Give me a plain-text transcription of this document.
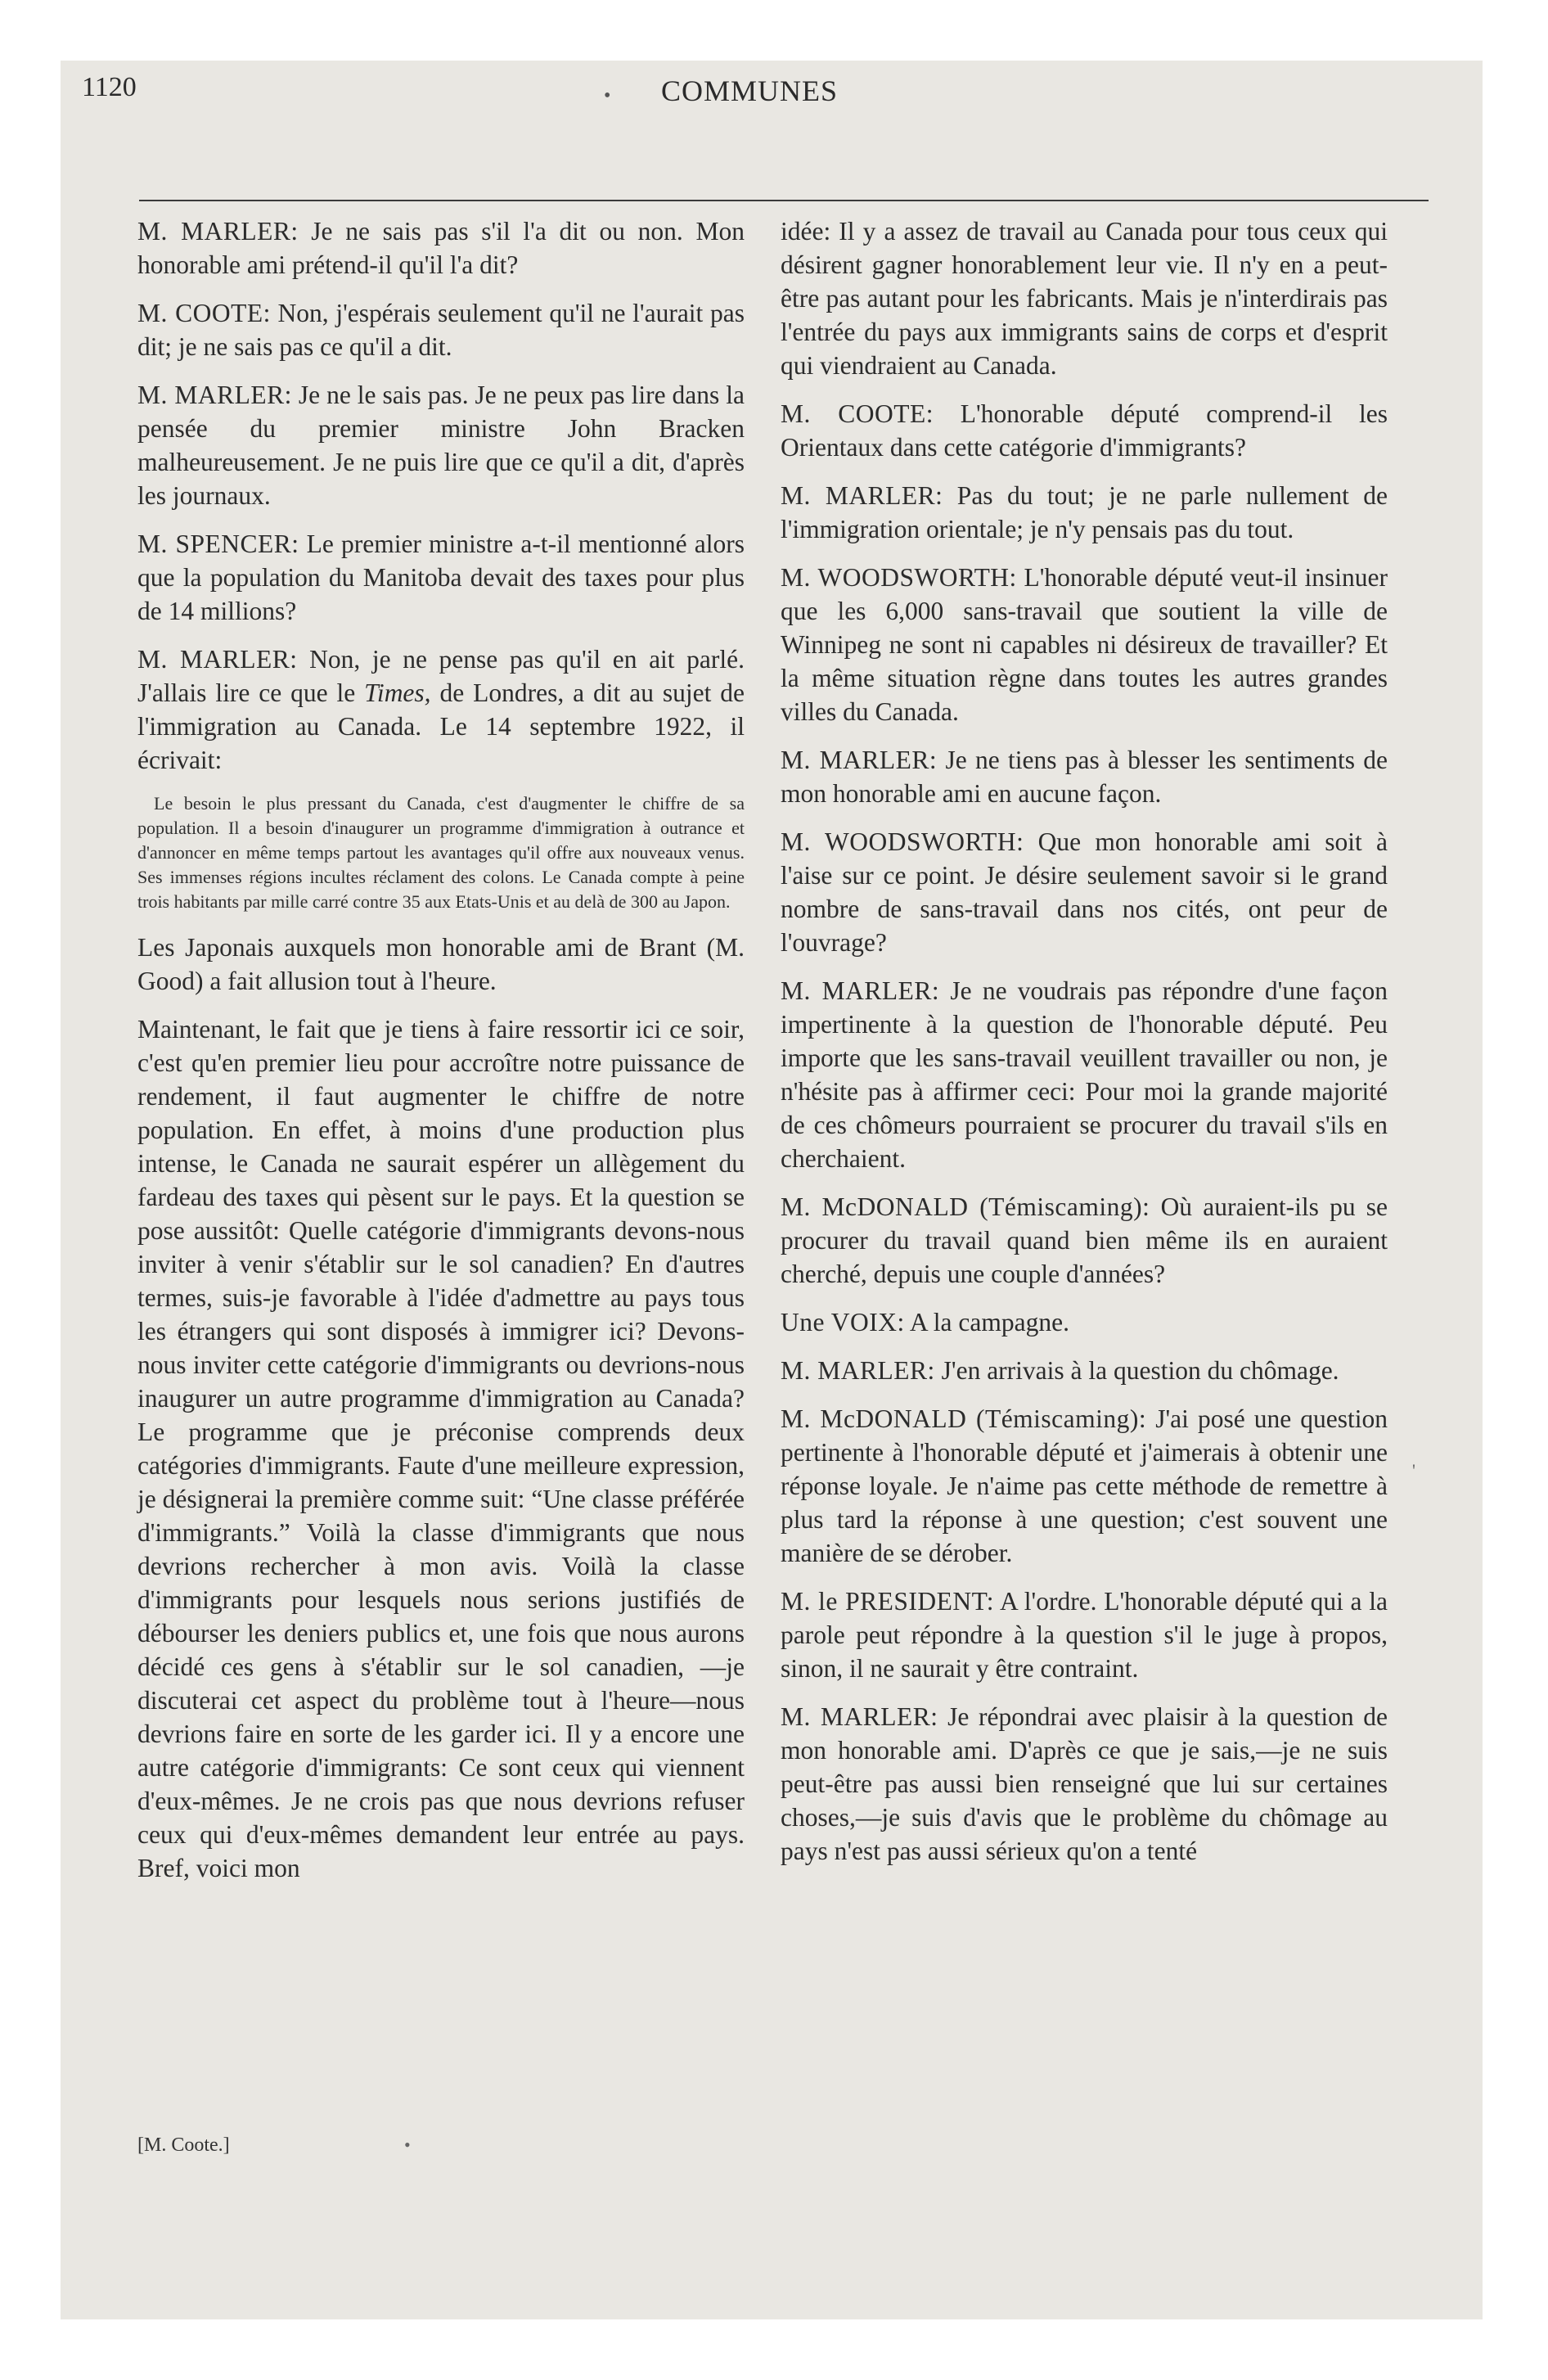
1120	• COMMUNES

M. MARLER: Je ne sais pas s'il l'a dit ou non. Mon honorable ami prétend-il qu'il l'a dit?

M. COOTE: Non, j'espérais seulement qu'il ne l'aurait pas dit; je ne sais pas ce qu'il a dit.

M. MARLER: Je ne le sais pas. Je ne peux pas lire dans la pensée du premier ministre John Bracken malheureusement. Je ne puis lire que ce qu'il a dit, d'après les journaux.

M. SPENCER: Le premier ministre a-t-il mentionné alors que la population du Manitoba devait des taxes pour plus de 14 millions?

M. MARLER: Non, je ne pense pas qu'il en ait parlé. J'allais lire ce que le Times, de Londres, a dit au sujet de l'immigration au Canada. Le 14 septembre 1922, il écrivait:

Le besoin le plus pressant du Canada, c'est d'augmenter le chiffre de sa population. Il a besoin d'inaugurer un programme d'immigration à outrance et d'annoncer en même temps partout les avantages qu'il offre aux nouveaux venus. Ses immenses régions incultes réclament des colons. Le Canada compte à peine trois habitants par mille carré contre 35 aux Etats-Unis et au delà de 300 au Japon.

Les Japonais auxquels mon honorable ami de Brant (M. Good) a fait allusion tout à l'heure.

Maintenant, le fait que je tiens à faire ressortir ici ce soir, c'est qu'en premier lieu pour accroître notre puissance de rendement, il faut augmenter le chiffre de notre population. En effet, à moins d'une production plus intense, le Canada ne saurait espérer un allègement du fardeau des taxes qui pèsent sur le pays. Et la question se pose aussitôt: Quelle catégorie d'immigrants devons-nous inviter à venir s'établir sur le sol canadien? En d'autres termes, suis-je favorable à l'idée d'admettre au pays tous les étrangers qui sont disposés à immigrer ici? Devons-nous inviter cette catégorie d'immigrants ou devrions-nous inaugurer un autre programme d'immigration au Canada? Le programme que je préconise comprends deux catégories d'immigrants. Faute d'une meilleure expression, je désignerai la première comme suit: “Une classe préférée d'immigrants.” Voilà la classe d'immigrants que nous devrions rechercher à mon avis. Voilà la classe d'immigrants pour lesquels nous serions justifiés de débourser les deniers publics et, une fois que nous aurons décidé ces gens à s'établir sur le sol canadien, —je discuterai cet aspect du problème tout à l'heure—nous devrions faire en sorte de les garder ici. Il y a encore une autre catégorie d'immigrants: Ce sont ceux qui viennent d'eux-mêmes. Je ne crois pas que nous devrions refuser ceux qui d'eux-mêmes demandent leur entrée au pays. Bref, voici mon

[M. Coote.]

idée: Il y a assez de travail au Canada pour tous ceux qui désirent gagner honorablement leur vie. Il n'y en a peut-être pas autant pour les fabricants. Mais je n'interdirais pas l'entrée du pays aux immigrants sains de corps et d'esprit qui viendraient au Canada.

M. COOTE: L'honorable député comprend-il les Orientaux dans cette catégorie d'immigrants?

M. MARLER: Pas du tout; je ne parle nullement de l'immigration orientale; je n'y pensais pas du tout.

M. WOODSWORTH: L'honorable député veut-il insinuer que les 6,000 sans-travail que soutient la ville de Winnipeg ne sont ni capables ni désireux de travailler? Et la même situation règne dans toutes les autres grandes villes du Canada.

M. MARLER: Je ne tiens pas à blesser les sentiments de mon honorable ami en aucune façon.

M. WOODSWORTH: Que mon honorable ami soit à l'aise sur ce point. Je désire seulement savoir si le grand nombre de sans-travail dans nos cités, ont peur de l'ouvrage?

M. MARLER: Je ne voudrais pas répondre d'une façon impertinente à la question de l'honorable député. Peu importe que les sans-travail veuillent travailler ou non, je n'hésite pas à affirmer ceci: Pour moi la grande majorité de ces chômeurs pourraient se procurer du travail s'ils en cherchaient.

M. McDONALD (Témiscaming): Où auraient-ils pu se procurer du travail quand bien même ils en auraient cherché, depuis une couple d'années?

Une VOIX: A la campagne.

M. MARLER: J'en arrivais à la question du chômage.

M. McDONALD (Témiscaming): J'ai posé une question pertinente à l'honorable député et j'aimerais à obtenir une réponse loyale. Je n'aime pas cette méthode de remettre à plus tard la réponse à une question; c'est souvent une manière de se dérober.

M. le PRESIDENT: A l'ordre. L'honorable député qui a la parole peut répondre à la question s'il le juge à propos, sinon, il ne saurait y être contraint.

M. MARLER: Je répondrai avec plaisir à la question de mon honorable ami. D'après ce que je sais,—je ne suis peut-être pas aussi bien renseigné que lui sur certaines choses,—je suis d'avis que le problème du chômage au pays n'est pas aussi sérieux qu'on a tenté

'
•
